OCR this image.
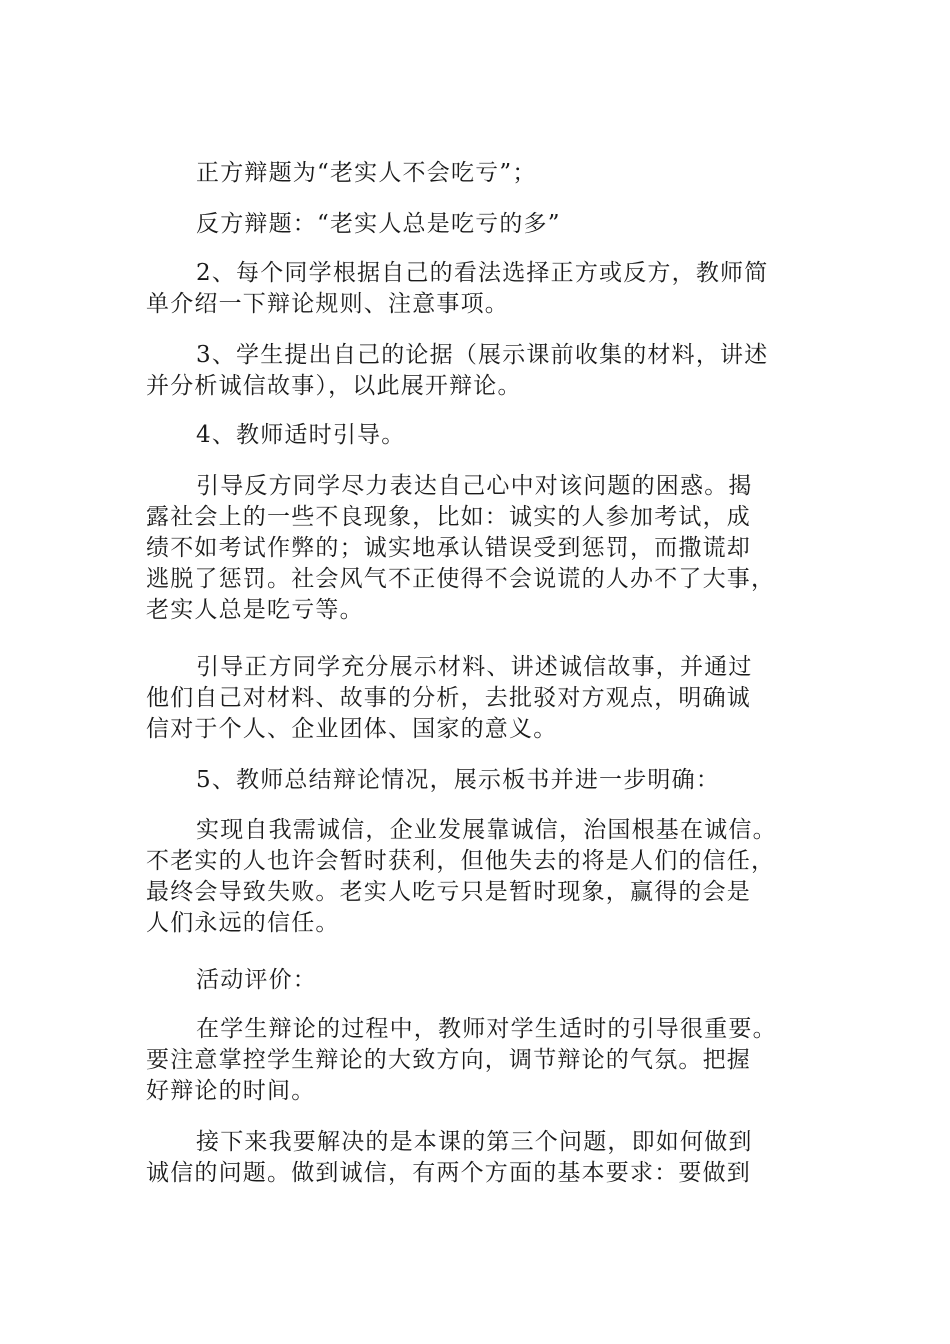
正方辩题为“老实人不会吃亏”；

反方辩题：“老实人总是吃亏的多”

2、每个同学根据自己的看法选择正方或反方，教师简
单介绍一下辩论规则、注意事项。

3、学生提出自己的论据（展示课前收集的材料，讲述
并分析诚信故事），以此展开辩论。

4、教师适时引导。

引导反方同学尽力表达自己心中对该问题的困惑。揭
露社会上的一些不良现象，比如：诚实的人参加考试，成
绩不如考试作弊的；诚实地承认错误受到惩罚，而撒谎却
逃脱了惩罚。社会风气不正使得不会说谎的人办不了大事，
老实人总是吃亏等。

引导正方同学充分展示材料、讲述诚信故事，并通过
他们自己对材料、故事的分析，去批驳对方观点，明确诚
信对于个人、企业团体、国家的意义。

5、教师总结辩论情况，展示板书并进一步明确：

实现自我需诚信，企业发展靠诚信，治国根基在诚信。
不老实的人也许会暂时获利，但他失去的将是人们的信任，
最终会导致失败。老实人吃亏只是暂时现象，赢得的会是
人们永远的信任。

活动评价：

在学生辩论的过程中，教师对学生适时的引导很重要。
要注意掌控学生辩论的大致方向，调节辩论的气氛。把握
好辩论的时间。

接下来我要解决的是本课的第三个问题，即如何做到
诚信的问题。做到诚信，有两个方面的基本要求：要做到
